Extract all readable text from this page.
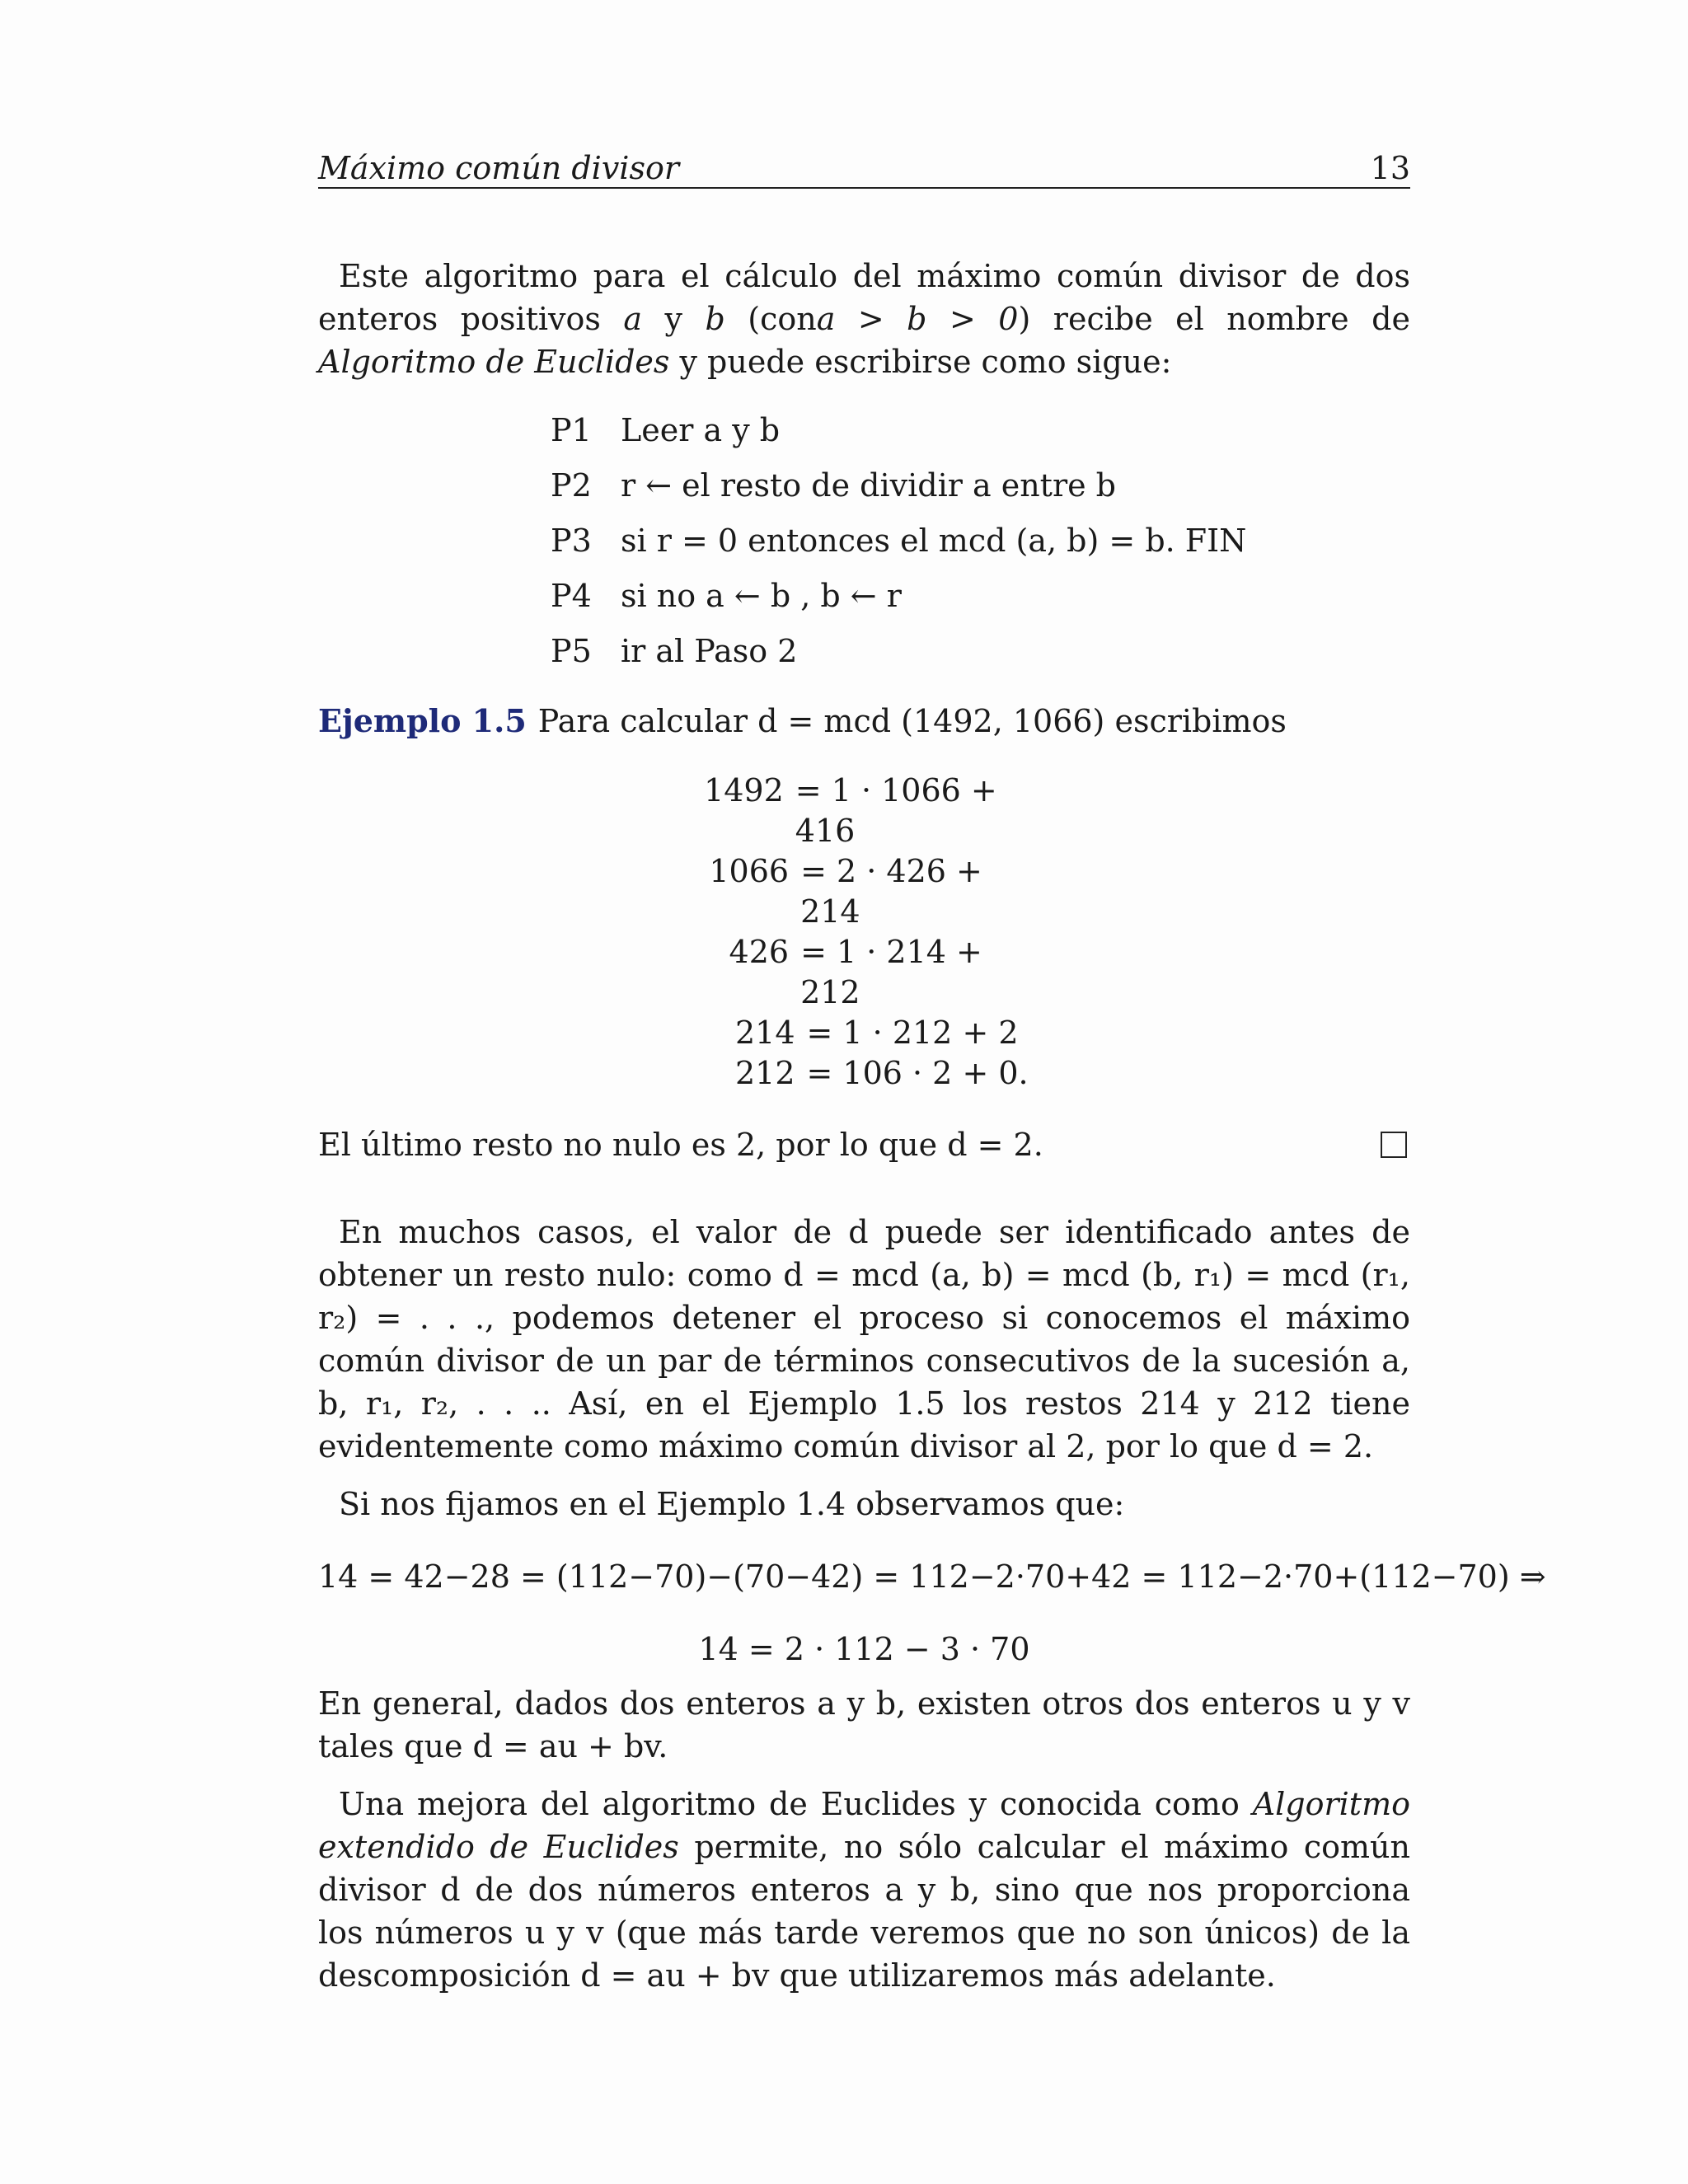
Máximo común divisor	13

Este algoritmo para el cálculo del máximo común divisor de dos enteros positivos a y b (cona > b > 0) recibe el nombre de Algoritmo de Euclides y puede escribirse como sigue:

P1 Leer a y b
P2 r ← el resto de dividir a entre b
P3 si r = 0 entonces el mcd (a, b) = b. FIN
P4 si no a ← b , b ← r
P5 ir al Paso 2

Ejemplo 1.5 Para calcular d = mcd (1492, 1066) escribimos

1492 = 1 · 1066 + 416
1066 = 2 · 426 + 214
426 = 1 · 214 + 212
214 = 1 · 212 + 2
212 = 106 · 2 + 0.
El último resto no nulo es 2, por lo que d = 2.

En muchos casos, el valor de d puede ser identificado antes de obtener un resto nulo: como d = mcd (a, b) = mcd (b, r₁) = mcd (r₁, r₂) = . . ., podemos detener el proceso si conocemos el máximo común divisor de un par de términos consecutivos de la sucesión a, b, r₁, r₂, . . .. Así, en el Ejemplo 1.5 los restos 214 y 212 tiene evidentemente como máximo común divisor al 2, por lo que d = 2.

Si nos fijamos en el Ejemplo 1.4 observamos que:

14 = 42−28 = (112−70)−(70−42) = 112−2·70+42 = 112−2·70+(112−70) ⇒

14 = 2 · 112 − 3 · 70

En general, dados dos enteros a y b, existen otros dos enteros u y v tales que d = au + bv.

Una mejora del algoritmo de Euclides y conocida como Algoritmo extendido de Euclides permite, no sólo calcular el máximo común divisor d de dos números enteros a y b, sino que nos proporciona los números u y v (que más tarde veremos que no son únicos) de la descomposición d = au + bv que utilizaremos más adelante.
